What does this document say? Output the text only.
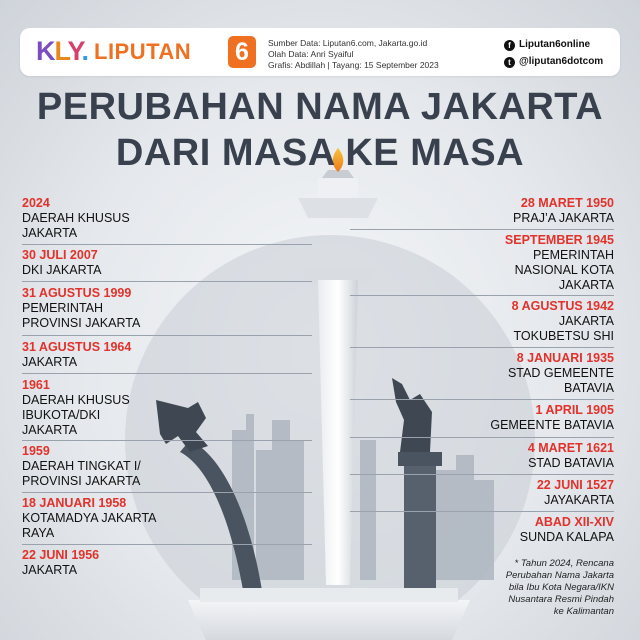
KLY. LIPUTAN 6	Sumber Data: Liputan6.com, Jakarta.go.id
Olah Data: Anri Syaiful
Grafis: Abdillah | Tayang: 15 September 2023
f Liputan6online
t @liputan6dotcom
PERUBAHAN NAMA JAKARTA
DARI MASA KE MASA
2024
DAERAH KHUSUS
JAKARTA
30 JULI 2007
DKI JAKARTA
31 AGUSTUS 1999
PEMERINTAH
PROVINSI JAKARTA
31 AGUSTUS 1964
JAKARTA
1961
DAERAH KHUSUS
IBUKOTA/DKI
JAKARTA
1959
DAERAH TINGKAT I/
PROVINSI JAKARTA
18 JANUARI 1958
KOTAMADYA JAKARTA
RAYA
22 JUNI 1956
JAKARTA
28 MARET 1950
PRAJ’A JAKARTA
SEPTEMBER 1945
PEMERINTAH
NASIONAL KOTA
JAKARTA
8 AGUSTUS 1942
JAKARTA
TOKUBETSU SHI
8 JANUARI 1935
STAD GEMEENTE
BATAVIA
1 APRIL 1905
GEMEENTE BATAVIA
4 MARET 1621
STAD BATAVIA
22 JUNI 1527
JAYAKARTA
ABAD XII-XIV
SUNDA KALAPA
* Tahun 2024, Rencana
Perubahan Nama Jakarta
bila Ibu Kota Negara/IKN
Nusantara Resmi Pindah
ke Kalimantan
